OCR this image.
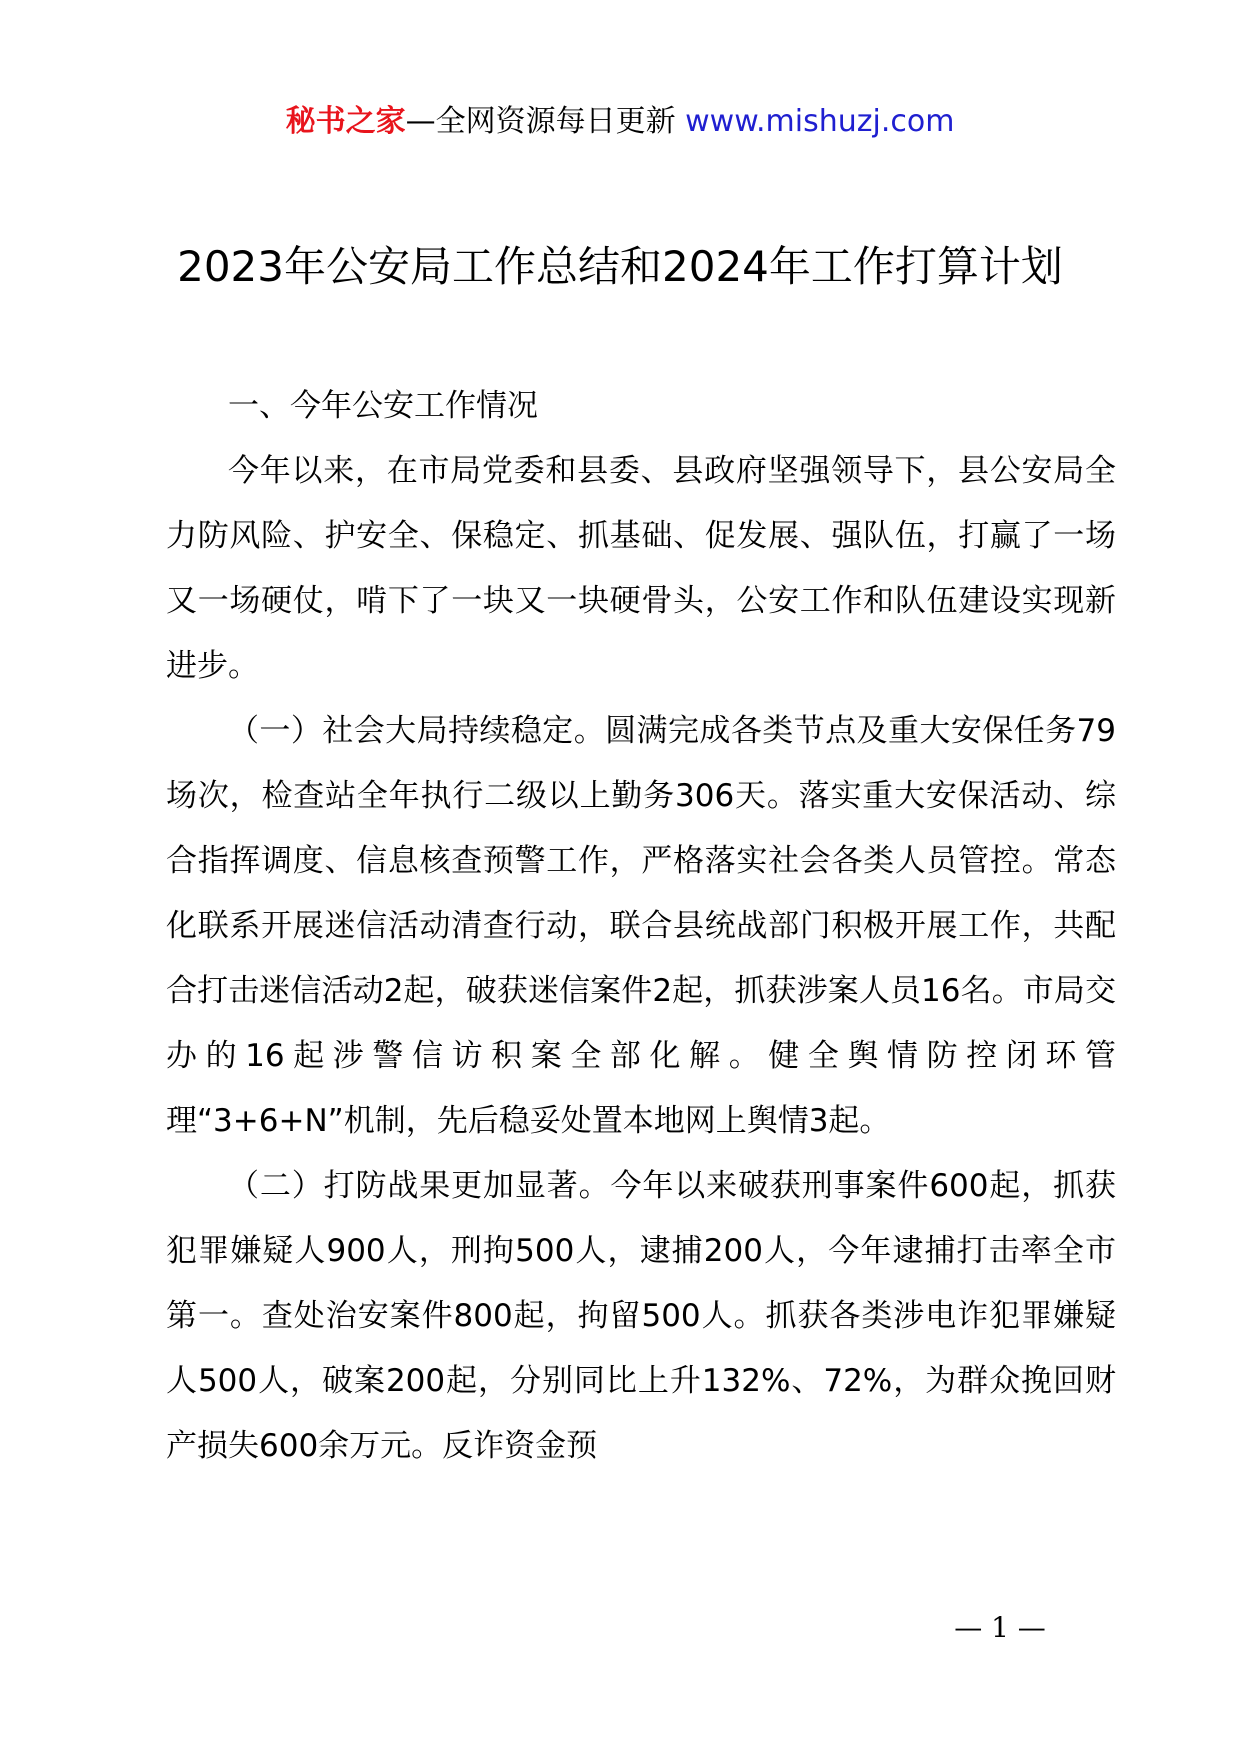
秘书之家—全网资源每日更新 www.mishuzj.com
2023年公安局工作总结和2024年工作打算计划

一、今年公安工作情况

今年以来，在市局党委和县委、县政府坚强领导下，县公安局全力防风险、护安全、保稳定、抓基础、促发展、强队伍，打赢了一场又一场硬仗，啃下了一块又一块硬骨头，公安工作和队伍建设实现新进步。

（一）社会大局持续稳定。圆满完成各类节点及重大安保任务79场次，检查站全年执行二级以上勤务306天。落实重大安保活动、综合指挥调度、信息核查预警工作，严格落实社会各类人员管控。常态化联系开展迷信活动清查行动，联合县统战部门积极开展工作，共配合打击迷信活动2起，破获迷信案件2起，抓获涉案人员16名。市局交办的16起涉警信访积案全部化解。健全舆情防控闭环管理“3+6+N”机制，先后稳妥处置本地网上舆情3起。

（二）打防战果更加显著。今年以来破获刑事案件600起，抓获犯罪嫌疑人900人，刑拘500人，逮捕200人，今年逮捕打击率全市第一。查处治安案件800起，拘留500人。抓获各类涉电诈犯罪嫌疑人500人，破案200起，分别同比上升132%、72%，为群众挽回财产损失600余万元。反诈资金预

— 1 —
